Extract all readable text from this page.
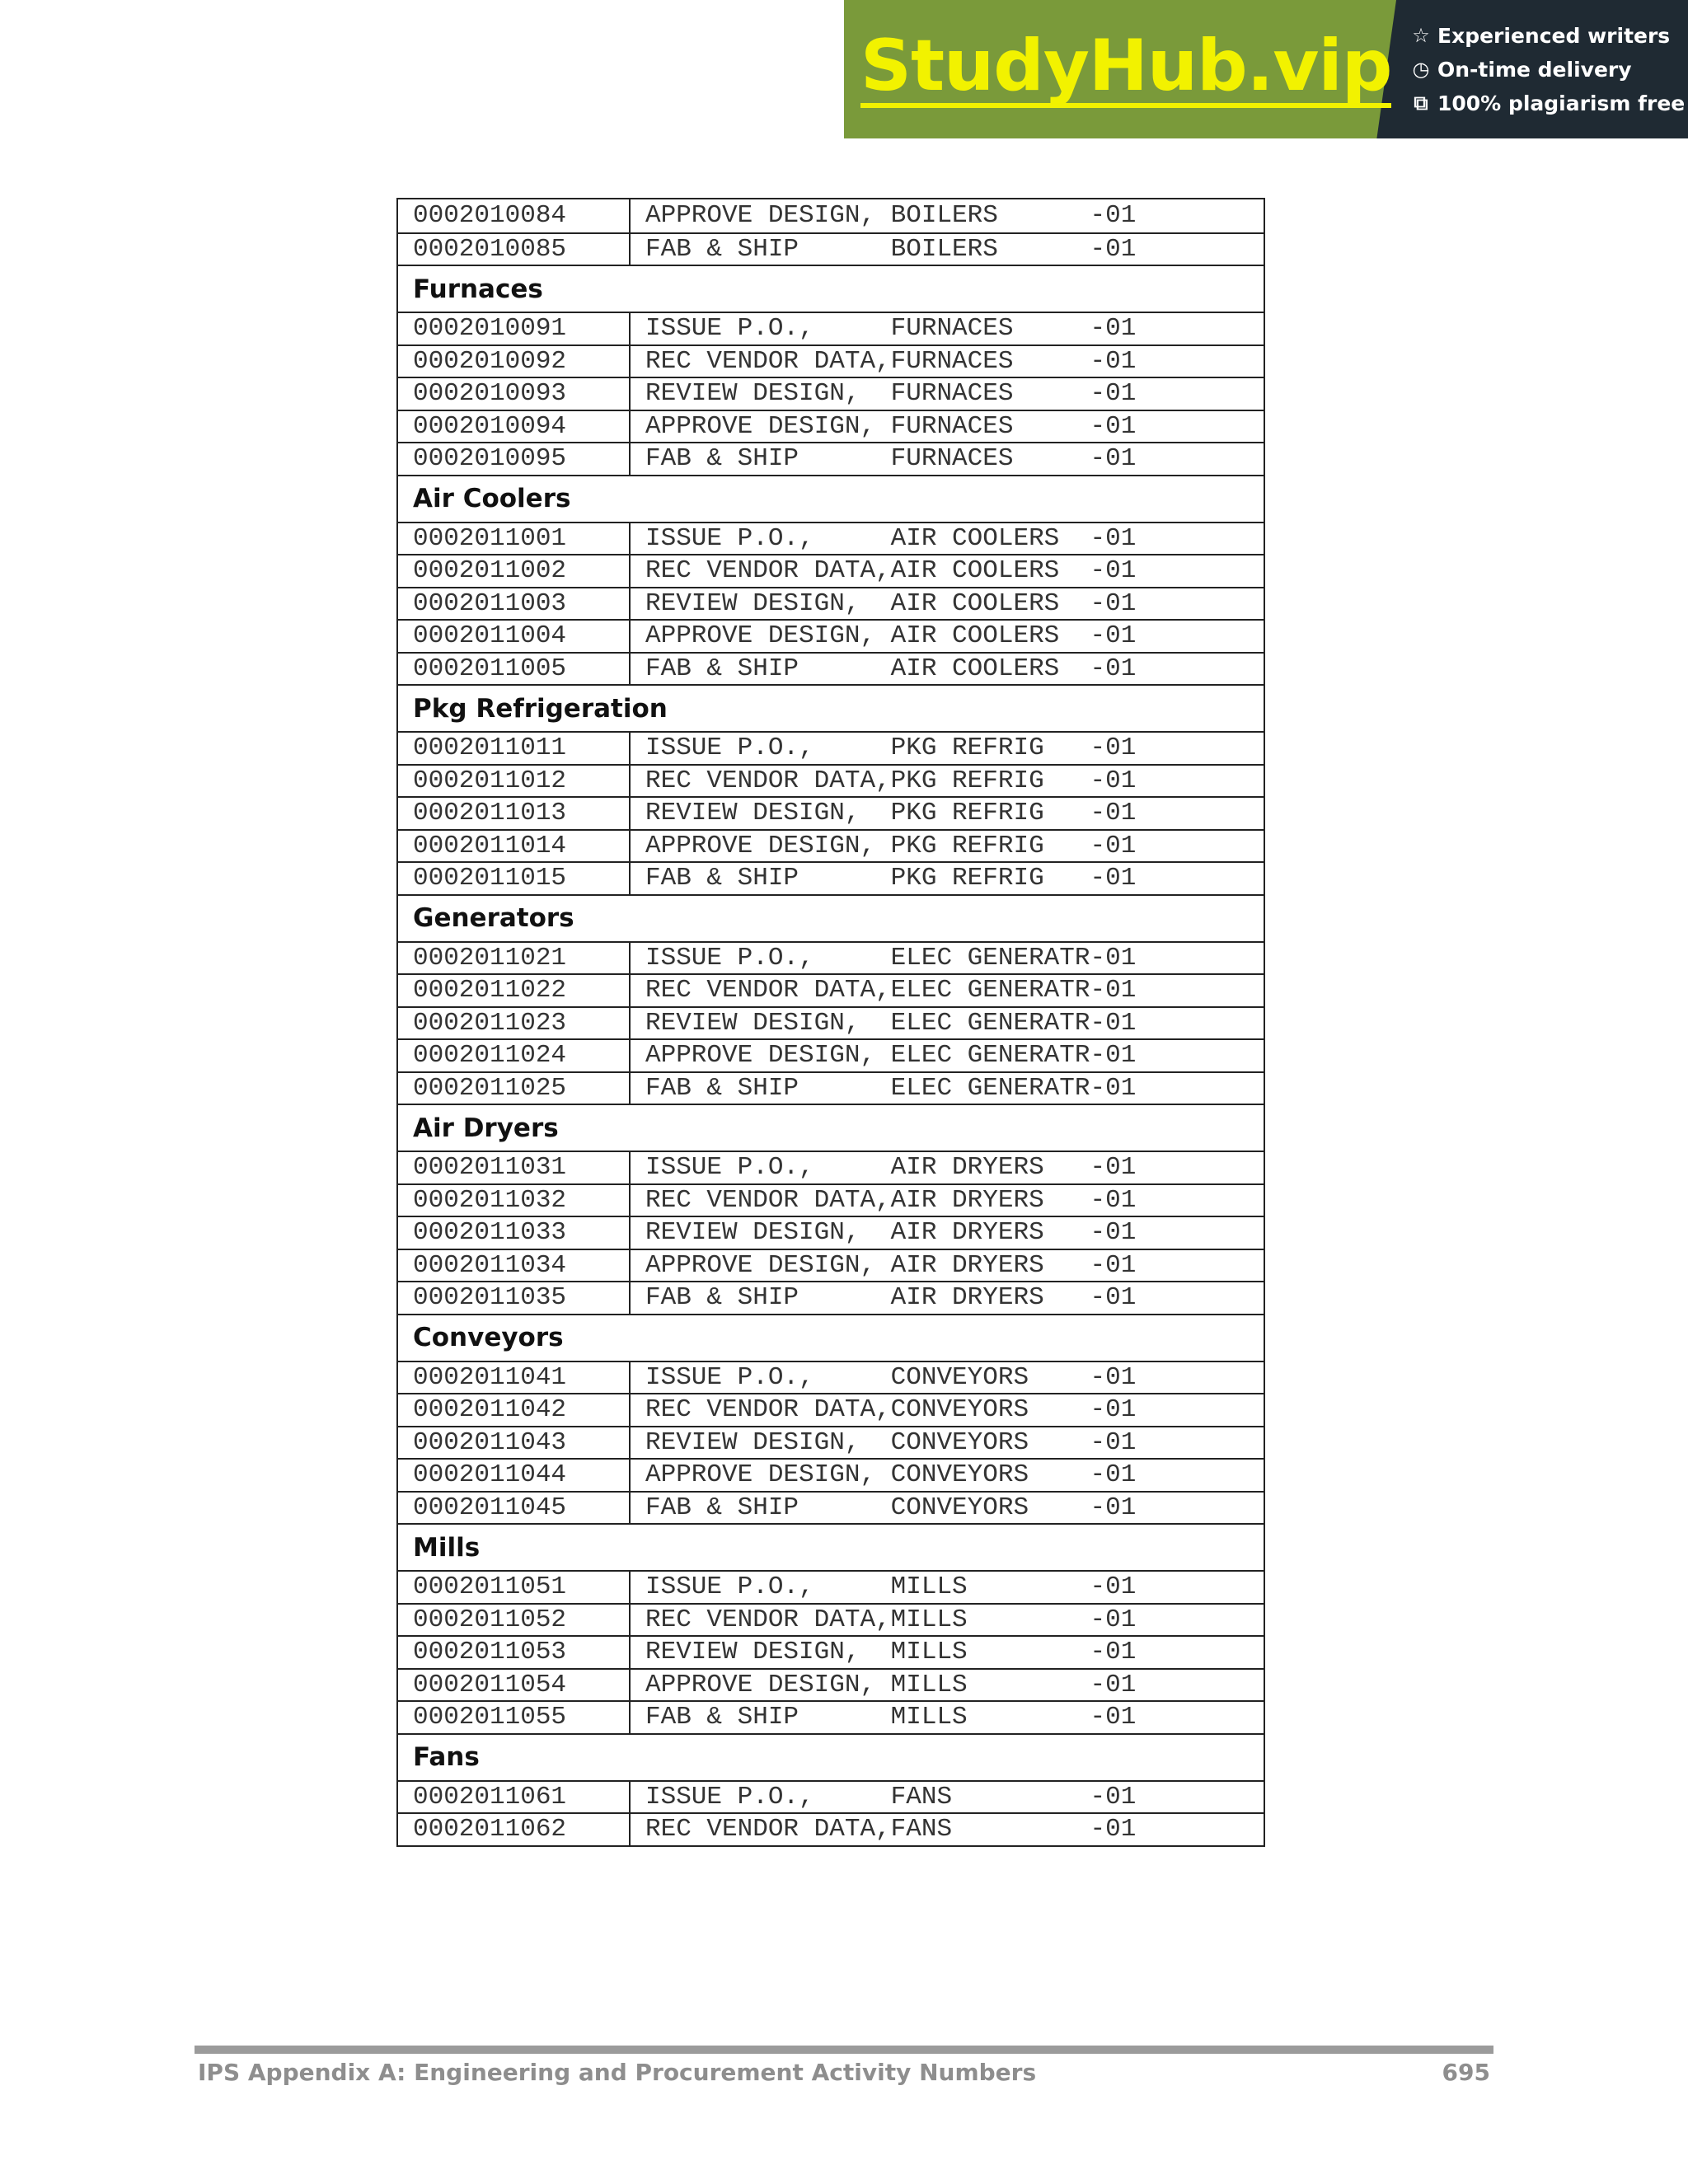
StudyHub.vip ☆ Experienced writers
◷ On-time delivery
⧉ 100% plagiarism free
0002010084	APPROVE DESIGN, BOILERS      -01
0002010085	FAB & SHIP      BOILERS      -01
Furnaces
0002010091	ISSUE P.O.,     FURNACES     -01
0002010092	REC VENDOR DATA,FURNACES     -01
0002010093	REVIEW DESIGN,  FURNACES     -01
0002010094	APPROVE DESIGN, FURNACES     -01
0002010095	FAB & SHIP      FURNACES     -01
Air Coolers
0002011001	ISSUE P.O.,     AIR COOLERS  -01
0002011002	REC VENDOR DATA,AIR COOLERS  -01
0002011003	REVIEW DESIGN,  AIR COOLERS  -01
0002011004	APPROVE DESIGN, AIR COOLERS  -01
0002011005	FAB & SHIP      AIR COOLERS  -01
Pkg Refrigeration
0002011011	ISSUE P.O.,     PKG REFRIG   -01
0002011012	REC VENDOR DATA,PKG REFRIG   -01
0002011013	REVIEW DESIGN,  PKG REFRIG   -01
0002011014	APPROVE DESIGN, PKG REFRIG   -01
0002011015	FAB & SHIP      PKG REFRIG   -01
Generators
0002011021	ISSUE P.O.,     ELEC GENERATR-01
0002011022	REC VENDOR DATA,ELEC GENERATR-01
0002011023	REVIEW DESIGN,  ELEC GENERATR-01
0002011024	APPROVE DESIGN, ELEC GENERATR-01
0002011025	FAB & SHIP      ELEC GENERATR-01
Air Dryers
0002011031	ISSUE P.O.,     AIR DRYERS   -01
0002011032	REC VENDOR DATA,AIR DRYERS   -01
0002011033	REVIEW DESIGN,  AIR DRYERS   -01
0002011034	APPROVE DESIGN, AIR DRYERS   -01
0002011035	FAB & SHIP      AIR DRYERS   -01
Conveyors
0002011041	ISSUE P.O.,     CONVEYORS    -01
0002011042	REC VENDOR DATA,CONVEYORS    -01
0002011043	REVIEW DESIGN,  CONVEYORS    -01
0002011044	APPROVE DESIGN, CONVEYORS    -01
0002011045	FAB & SHIP      CONVEYORS    -01
Mills
0002011051	ISSUE P.O.,     MILLS        -01
0002011052	REC VENDOR DATA,MILLS        -01
0002011053	REVIEW DESIGN,  MILLS        -01
0002011054	APPROVE DESIGN, MILLS        -01
0002011055	FAB & SHIP      MILLS        -01
Fans
0002011061	ISSUE P.O.,     FANS         -01
0002011062	REC VENDOR DATA,FANS         -01
IPS Appendix A: Engineering and Procurement Activity Numbers	695
